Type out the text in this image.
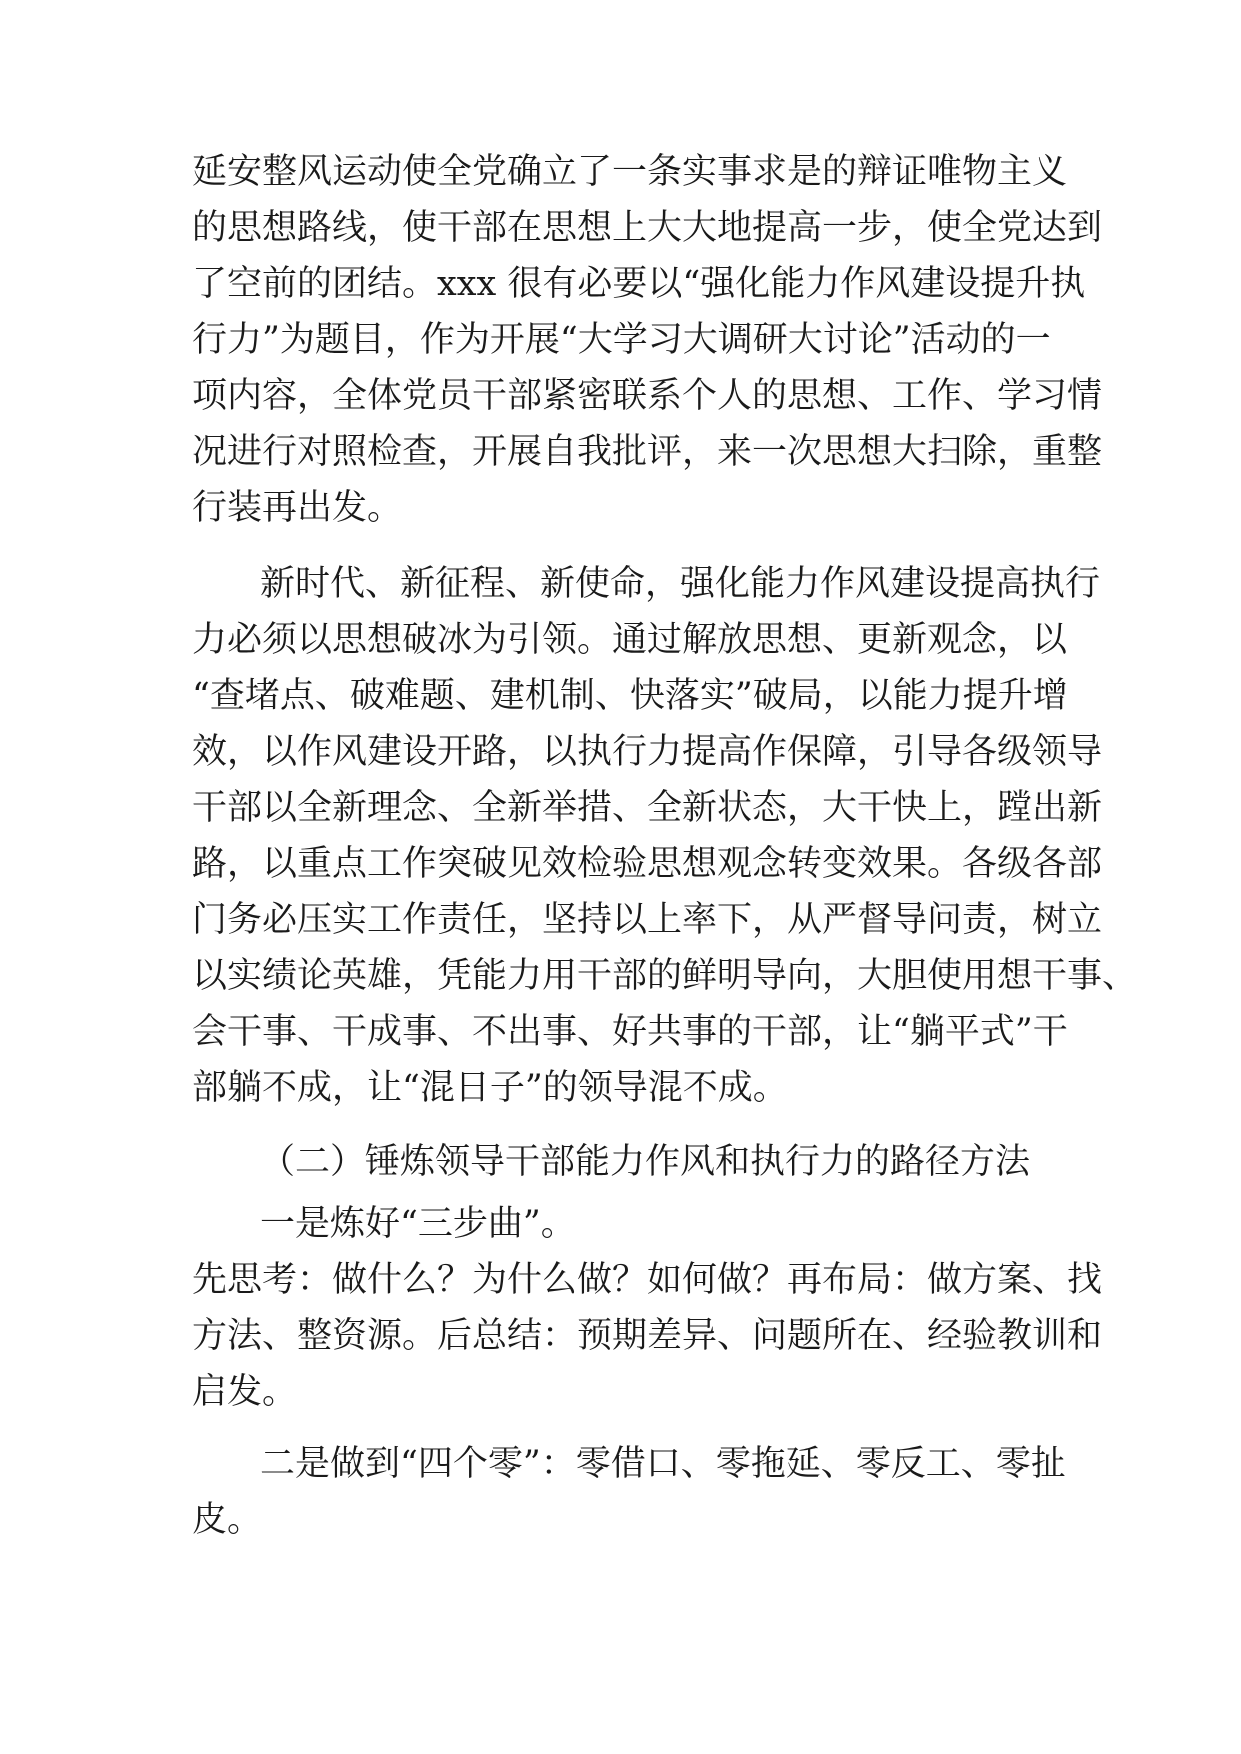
延安整风运动使全党确立了一条实事求是的辩证唯物主义
的思想路线，使干部在思想上大大地提高一步，使全党达到
了空前的团结。xxx 很有必要以“强化能力作风建设提升执
行力”为题目，作为开展“大学习大调研大讨论”活动的一
项内容，全体党员干部紧密联系个人的思想、工作、学习情
况进行对照检查，开展自我批评，来一次思想大扫除，重整
行装再出发。
新时代、新征程、新使命，强化能力作风建设提高执行
力必须以思想破冰为引领。通过解放思想、更新观念，以
“查堵点、破难题、建机制、快落实”破局，以能力提升增
效，以作风建设开路，以执行力提高作保障，引导各级领导
干部以全新理念、全新举措、全新状态，大干快上，蹚出新
路，以重点工作突破见效检验思想观念转变效果。各级各部
门务必压实工作责任，坚持以上率下，从严督导问责，树立
以实绩论英雄，凭能力用干部的鲜明导向，大胆使用想干事、
会干事、干成事、不出事、好共事的干部，让“躺平式”干
部躺不成，让“混日子”的领导混不成。
（二）锤炼领导干部能力作风和执行力的路径方法
一是炼好“三步曲”。
先思考：做什么？为什么做？如何做？再布局：做方案、找
方法、整资源。后总结：预期差异、问题所在、经验教训和
启发。
二是做到“四个零”：零借口、零拖延、零反工、零扯
皮。
